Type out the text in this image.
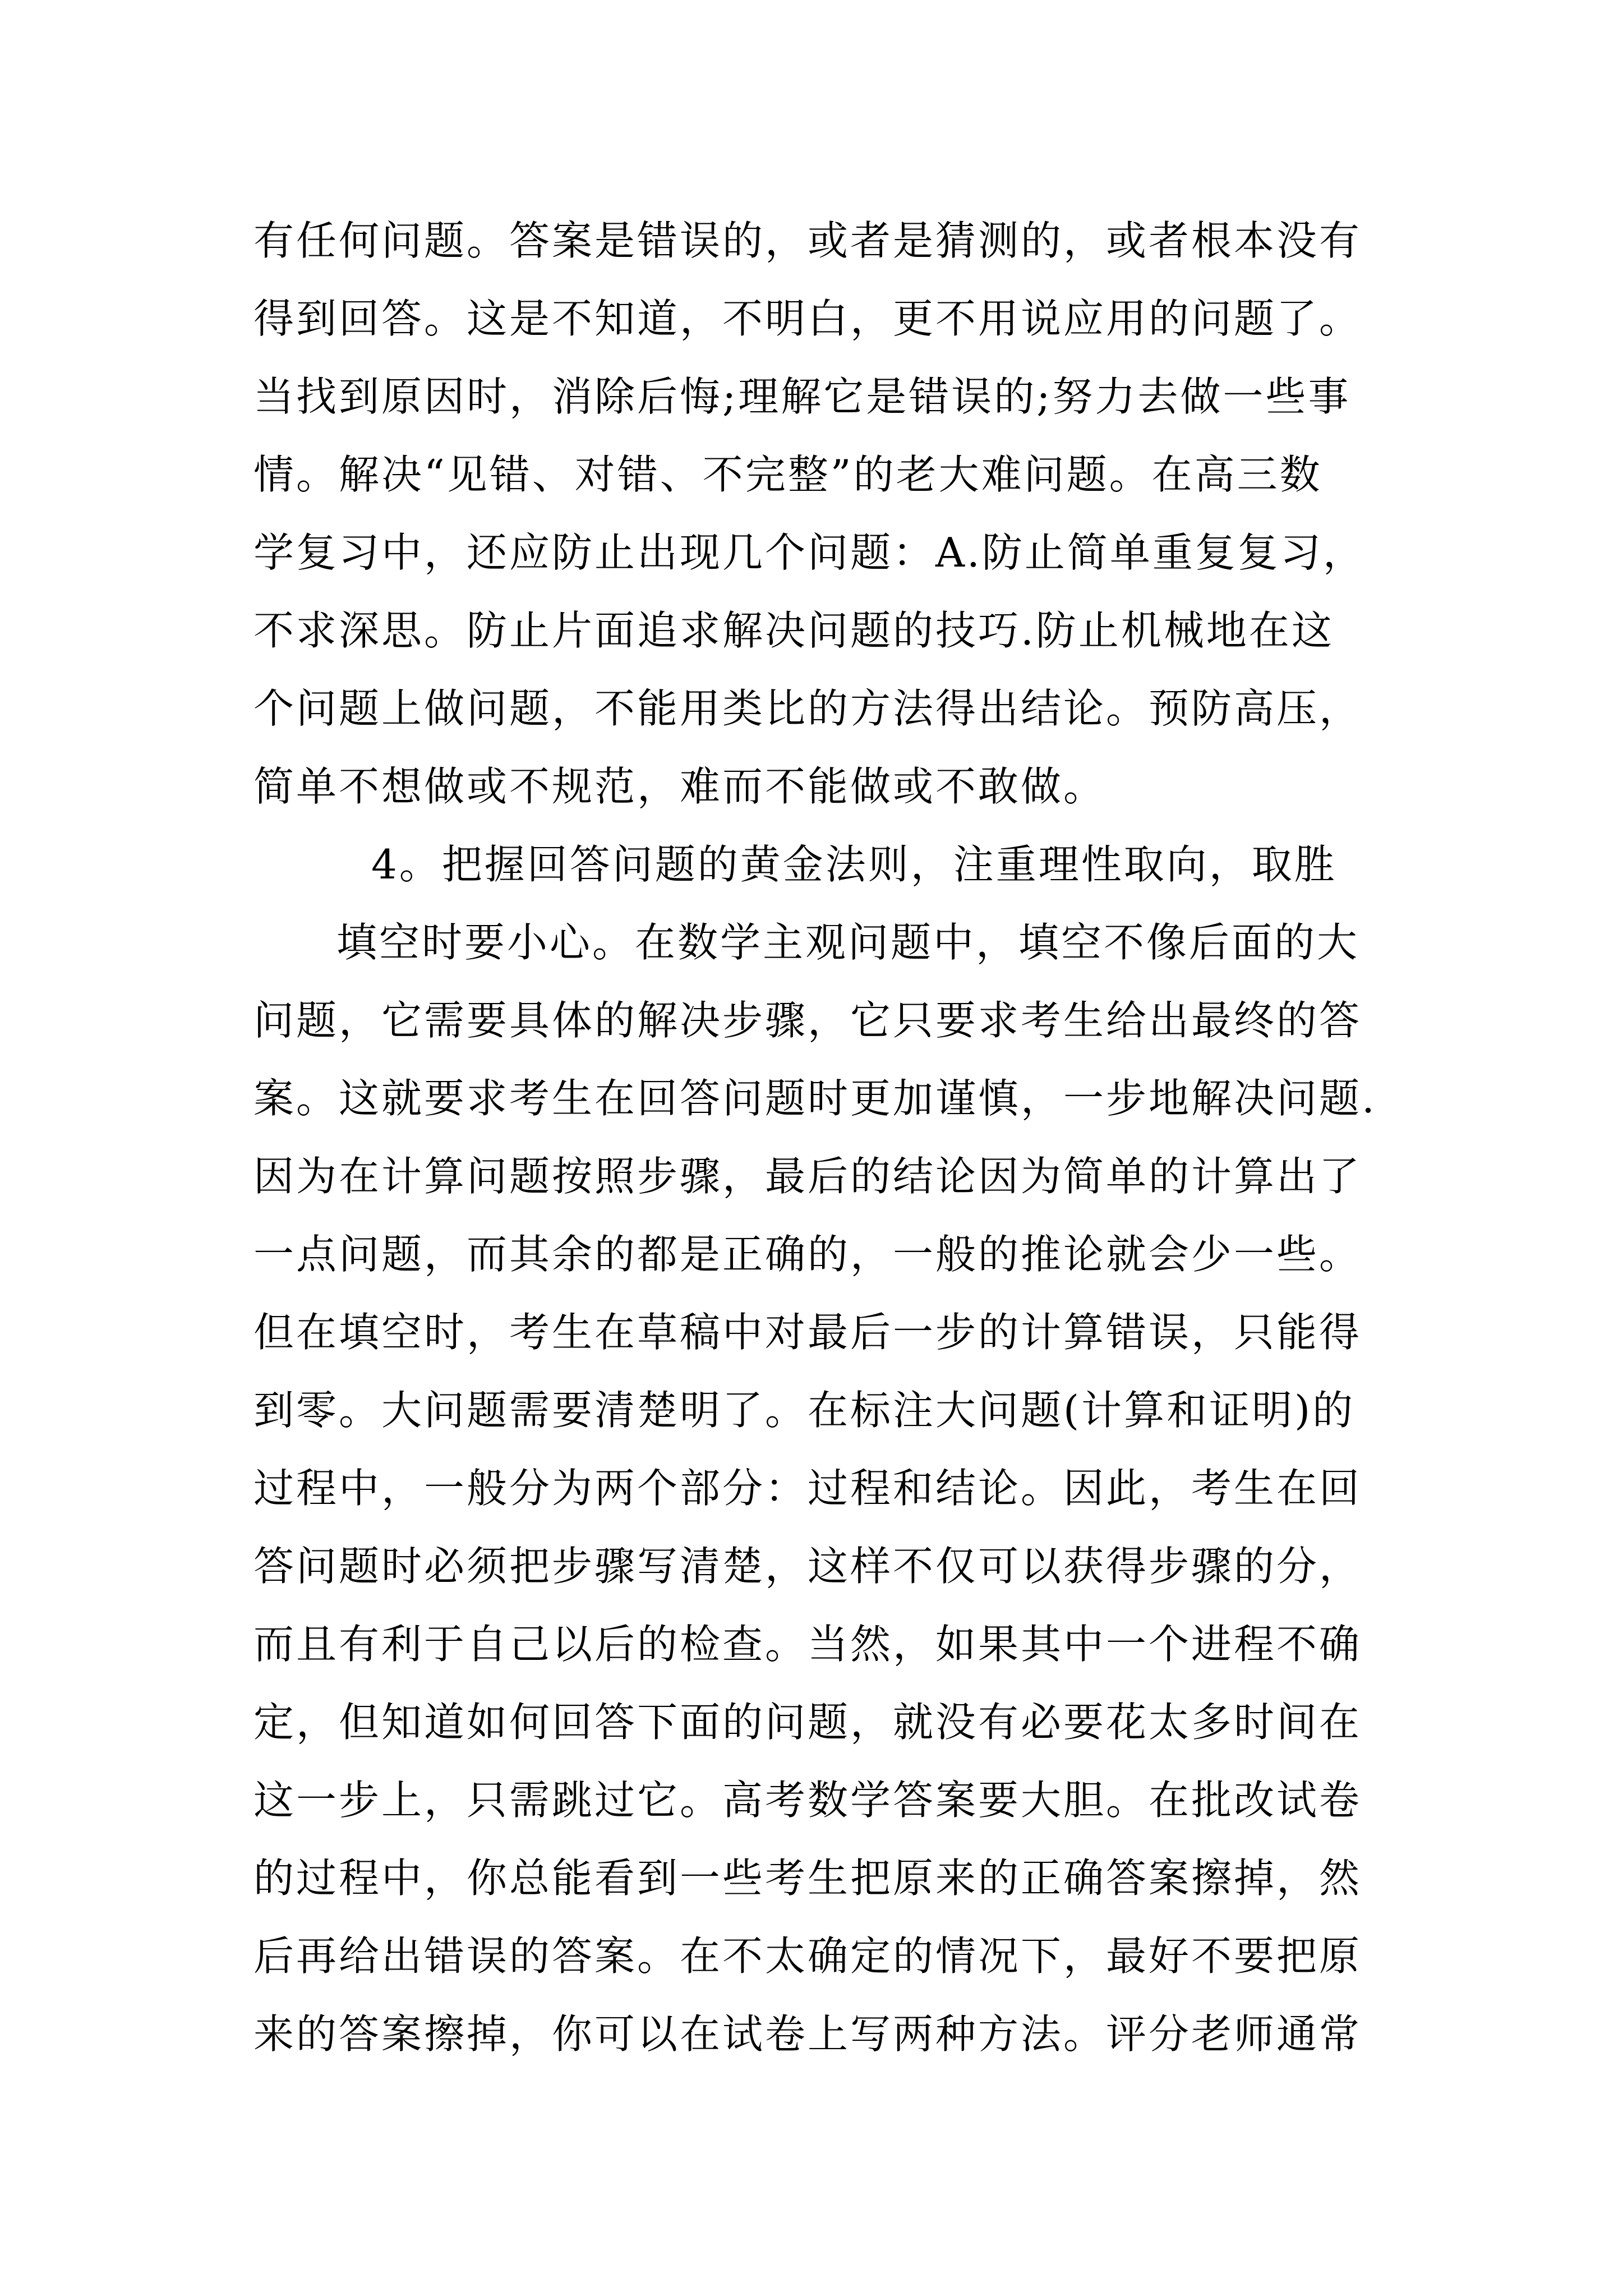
有任何问题。答案是错误的，或者是猜测的，或者根本没有
得到回答。这是不知道，不明白，更不用说应用的问题了。
当找到原因时，消除后悔;理解它是错误的;努力去做一些事
情。解决“见错、对错、不完整”的老大难问题。在高三数
学复习中，还应防止出现几个问题：A.防止简单重复复习，
不求深思。防止片面追求解决问题的技巧.防止机械地在这
个问题上做问题，不能用类比的方法得出结论。预防高压，
简单不想做或不规范，难而不能做或不敢做。
4。把握回答问题的黄金法则，注重理性取向，取胜
填空时要小心。在数学主观问题中，填空不像后面的大
问题，它需要具体的解决步骤，它只要求考生给出最终的答
案。这就要求考生在回答问题时更加谨慎，一步地解决问题.
因为在计算问题按照步骤，最后的结论因为简单的计算出了
一点问题，而其余的都是正确的，一般的推论就会少一些。
但在填空时，考生在草稿中对最后一步的计算错误，只能得
到零。大问题需要清楚明了。在标注大问题(计算和证明)的
过程中，一般分为两个部分：过程和结论。因此，考生在回
答问题时必须把步骤写清楚，这样不仅可以获得步骤的分，
而且有利于自己以后的检查。当然，如果其中一个进程不确
定，但知道如何回答下面的问题，就没有必要花太多时间在
这一步上，只需跳过它。高考数学答案要大胆。在批改试卷
的过程中，你总能看到一些考生把原来的正确答案擦掉，然
后再给出错误的答案。在不太确定的情况下，最好不要把原
来的答案擦掉，你可以在试卷上写两种方法。评分老师通常
